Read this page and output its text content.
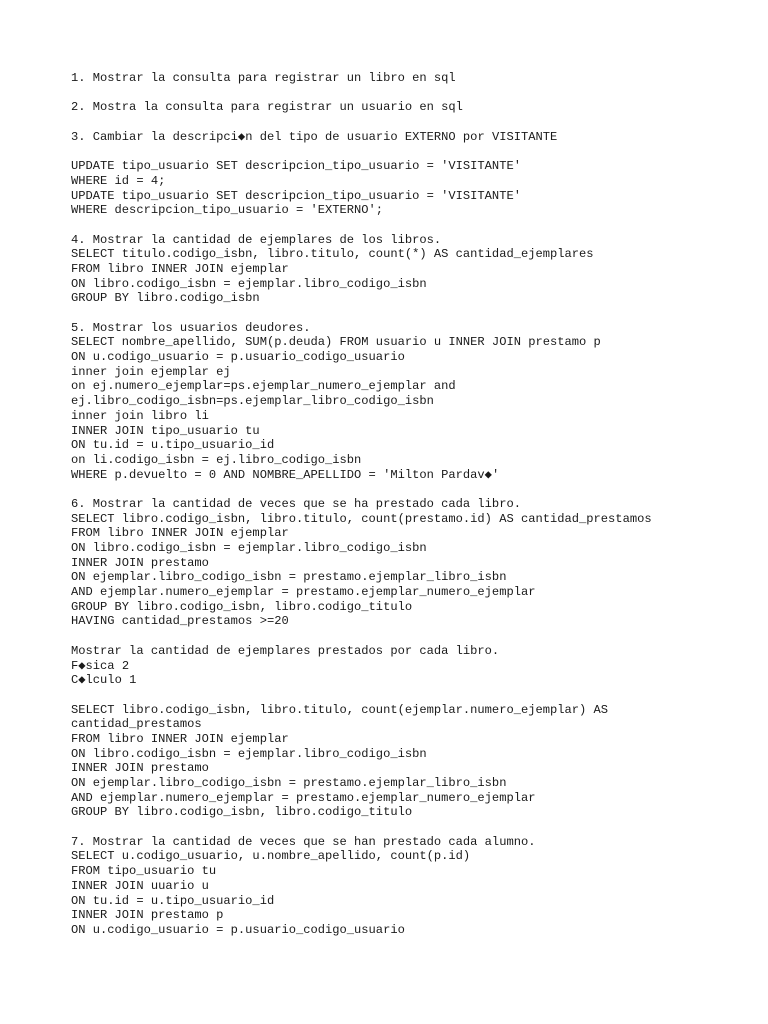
1. Mostrar la consulta para registrar un libro en sql
2. Mostra la consulta para registrar un usuario en sql
3. Cambiar la descripci◆n del tipo de usuario EXTERNO por VISITANTE
UPDATE tipo_usuario SET descripcion_tipo_usuario = 'VISITANTE'
WHERE id = 4;
UPDATE tipo_usuario SET descripcion_tipo_usuario = 'VISITANTE'
WHERE descripcion_tipo_usuario = 'EXTERNO';
4. Mostrar la cantidad de ejemplares de los libros.
SELECT titulo.codigo_isbn, libro.titulo, count(*) AS cantidad_ejemplares
FROM libro INNER JOIN ejemplar
ON libro.codigo_isbn = ejemplar.libro_codigo_isbn
GROUP BY libro.codigo_isbn
5. Mostrar los usuarios deudores.
SELECT nombre_apellido, SUM(p.deuda) FROM usuario u INNER JOIN prestamo p
ON u.codigo_usuario = p.usuario_codigo_usuario
inner join ejemplar ej
on ej.numero_ejemplar=ps.ejemplar_numero_ejemplar and
ej.libro_codigo_isbn=ps.ejemplar_libro_codigo_isbn
inner join libro li
INNER JOIN tipo_usuario tu
ON tu.id = u.tipo_usuario_id
on li.codigo_isbn = ej.libro_codigo_isbn
WHERE p.devuelto = 0 AND NOMBRE_APELLIDO = 'Milton Pardav◆'
6. Mostrar la cantidad de veces que se ha prestado cada libro.
SELECT libro.codigo_isbn, libro.titulo, count(prestamo.id) AS cantidad_prestamos
FROM libro INNER JOIN ejemplar
ON libro.codigo_isbn = ejemplar.libro_codigo_isbn
INNER JOIN prestamo
ON ejemplar.libro_codigo_isbn = prestamo.ejemplar_libro_isbn
AND ejemplar.numero_ejemplar = prestamo.ejemplar_numero_ejemplar
GROUP BY libro.codigo_isbn, libro.codigo_titulo
HAVING cantidad_prestamos >=20
Mostrar la cantidad de ejemplares prestados por cada libro.
F◆sica 2
C◆lculo 1
SELECT libro.codigo_isbn, libro.titulo, count(ejemplar.numero_ejemplar) AS
cantidad_prestamos
FROM libro INNER JOIN ejemplar
ON libro.codigo_isbn = ejemplar.libro_codigo_isbn
INNER JOIN prestamo
ON ejemplar.libro_codigo_isbn = prestamo.ejemplar_libro_isbn
AND ejemplar.numero_ejemplar = prestamo.ejemplar_numero_ejemplar
GROUP BY libro.codigo_isbn, libro.codigo_titulo
7. Mostrar la cantidad de veces que se han prestado cada alumno.
SELECT u.codigo_usuario, u.nombre_apellido, count(p.id)
FROM tipo_usuario tu
INNER JOIN uuario u
ON tu.id = u.tipo_usuario_id
INNER JOIN prestamo p
ON u.codigo_usuario = p.usuario_codigo_usuario
